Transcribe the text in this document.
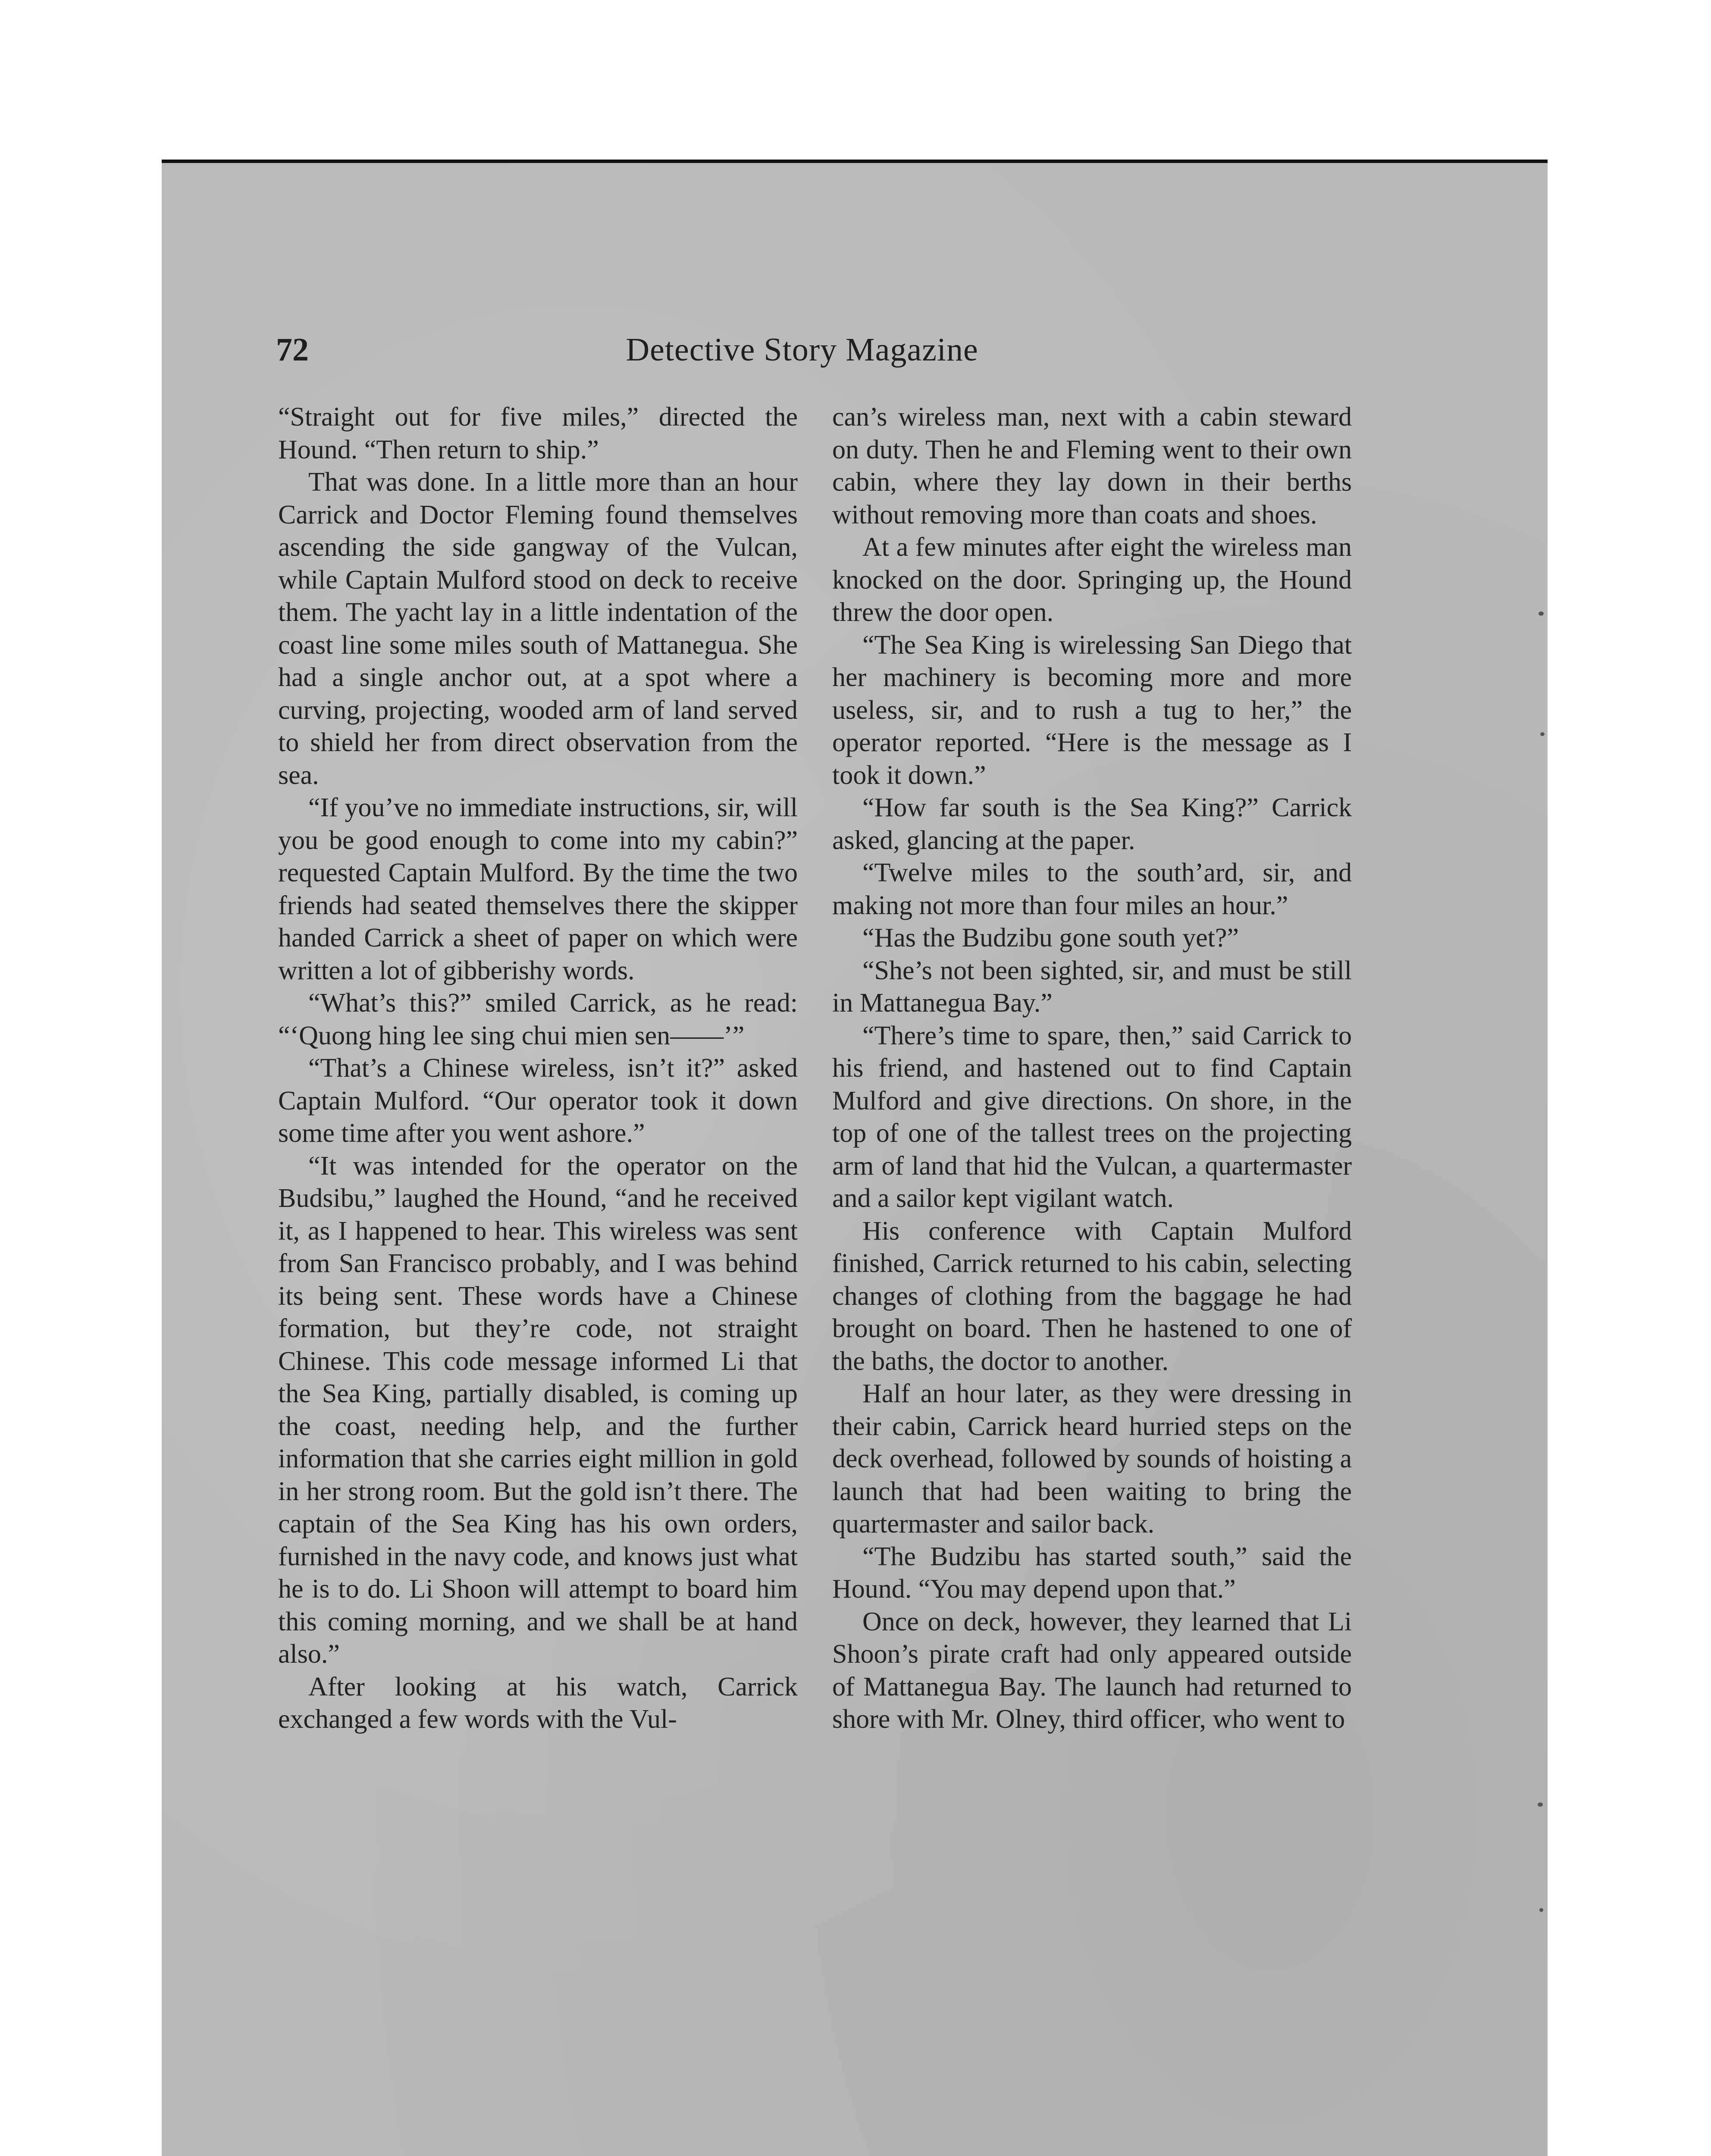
72	Detective Story Magazine

“Straight out for five miles,” directed the Hound. “Then return to ship.”

That was done. In a little more than an hour Carrick and Doctor Fleming found themselves ascending the side gangway of the Vulcan, while Captain Mulford stood on deck to receive them. The yacht lay in a little indentation of the coast line some miles south of Mattanegua. She had a single anchor out, at a spot where a curving, projecting, wooded arm of land served to shield her from direct observation from the sea.

“If you’ve no immediate instructions, sir, will you be good enough to come into my cabin?” requested Captain Mulford. By the time the two friends had seated themselves there the skipper handed Carrick a sheet of paper on which were written a lot of gibberishy words.

“What’s this?” smiled Carrick, as he read: “‘Quong hing lee sing chui mien sen——’”

“That’s a Chinese wireless, isn’t it?” asked Captain Mulford. “Our operator took it down some time after you went ashore.”

“It was intended for the operator on the Budsibu,” laughed the Hound, “and he received it, as I happened to hear. This wireless was sent from San Francisco probably, and I was behind its being sent. These words have a Chinese formation, but they’re code, not straight Chinese. This code message informed Li that the Sea King, partially disabled, is coming up the coast, needing help, and the further information that she carries eight million in gold in her strong room. But the gold isn’t there. The captain of the Sea King has his own orders, furnished in the navy code, and knows just what he is to do. Li Shoon will attempt to board him this coming morning, and we shall be at hand also.”

After looking at his watch, Carrick exchanged a few words with the Vul-

can’s wireless man, next with a cabin steward on duty. Then he and Fleming went to their own cabin, where they lay down in their berths without removing more than coats and shoes.

At a few minutes after eight the wireless man knocked on the door. Springing up, the Hound threw the door open.

“The Sea King is wirelessing San Diego that her machinery is becoming more and more useless, sir, and to rush a tug to her,” the operator reported. “Here is the message as I took it down.”

“How far south is the Sea King?” Carrick asked, glancing at the paper.

“Twelve miles to the south’ard, sir, and making not more than four miles an hour.”

“Has the Budzibu gone south yet?”

“She’s not been sighted, sir, and must be still in Mattanegua Bay.”

“There’s time to spare, then,” said Carrick to his friend, and hastened out to find Captain Mulford and give directions. On shore, in the top of one of the tallest trees on the projecting arm of land that hid the Vulcan, a quartermaster and a sailor kept vigilant watch.

His conference with Captain Mulford finished, Carrick returned to his cabin, selecting changes of clothing from the baggage he had brought on board. Then he hastened to one of the baths, the doctor to another.

Half an hour later, as they were dressing in their cabin, Carrick heard hurried steps on the deck overhead, followed by sounds of hoisting a launch that had been waiting to bring the quartermaster and sailor back.

“The Budzibu has started south,” said the Hound. “You may depend upon that.”

Once on deck, however, they learned that Li Shoon’s pirate craft had only appeared outside of Mattanegua Bay. The launch had returned to shore with Mr. Olney, third officer, who went to
